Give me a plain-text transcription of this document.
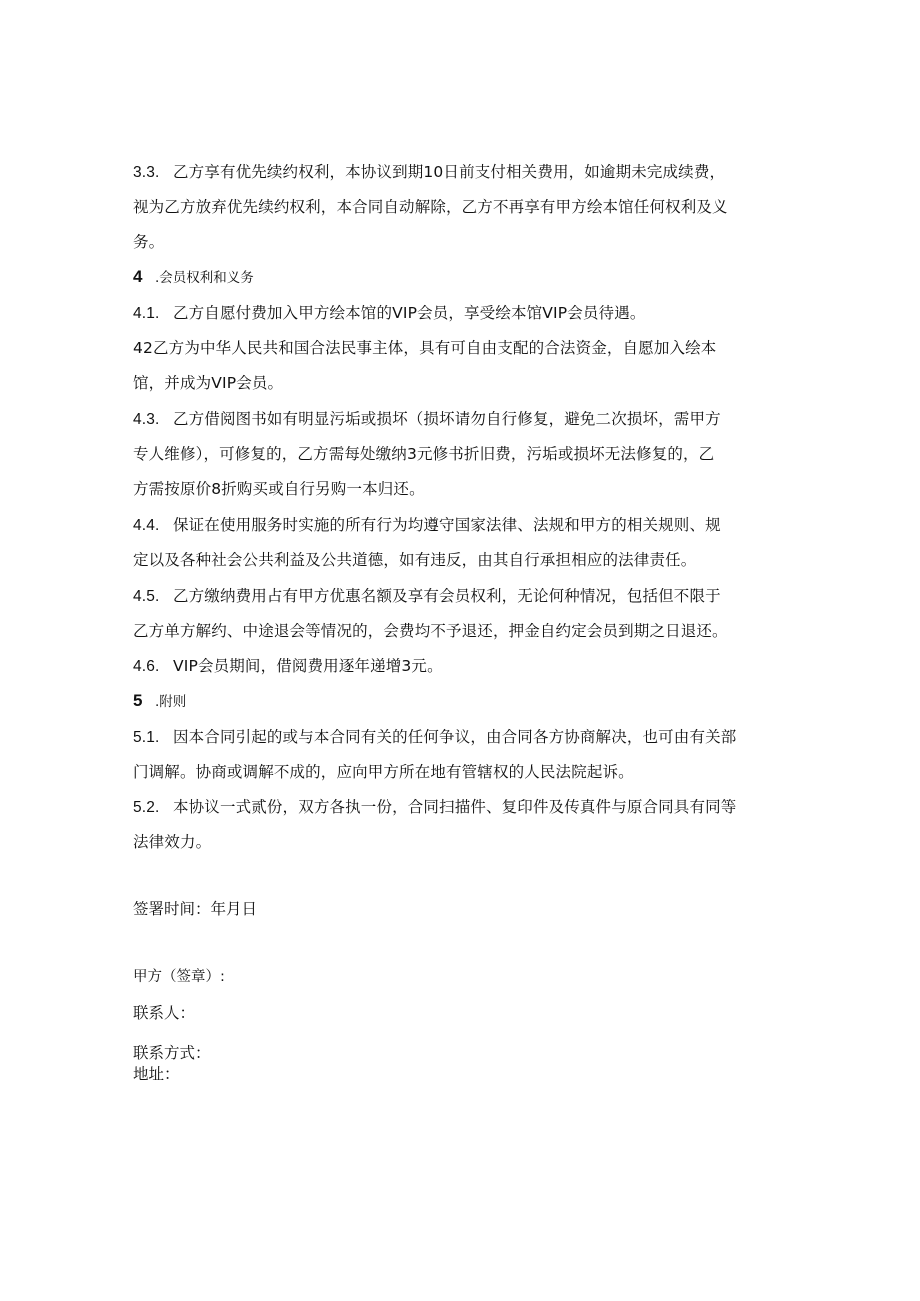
3.3. 乙方享有优先续约权利，本协议到期10日前支付相关费用，如逾期未完成续费，
视为乙方放弃优先续约权利，本合同自动解除，乙方不再享有甲方绘本馆任何权利及义
务。
4 .会员权利和义务
4.1. 乙方自愿付费加入甲方绘本馆的VIP会员，享受绘本馆VIP会员待遇。
42乙方为中华人民共和国合法民事主体，具有可自由支配的合法资金，自愿加入绘本
馆，并成为VIP会员。
4.3. 乙方借阅图书如有明显污垢或损坏（损坏请勿自行修复，避免二次损坏，需甲方
专人维修），可修复的，乙方需每处缴纳3元修书折旧费，污垢或损坏无法修复的，乙
方需按原价8折购买或自行另购一本归还。
4.4. 保证在使用服务时实施的所有行为均遵守国家法律、法规和甲方的相关规则、规
定以及各种社会公共利益及公共道德，如有违反，由其自行承担相应的法律责任。
4.5. 乙方缴纳费用占有甲方优惠名额及享有会员权利，无论何种情况，包括但不限于
乙方单方解约、中途退会等情况的，会费均不予退还，押金自约定会员到期之日退还。
4.6. VIP会员期间，借阅费用逐年递增3元。
5 .附则
5.1. 因本合同引起的或与本合同有关的任何争议，由合同各方协商解决，也可由有关部
门调解。协商或调解不成的，应向甲方所在地有管辖权的人民法院起诉。
5.2. 本协议一式贰份，双方各执一份，合同扫描件、复印件及传真件与原合同具有同等
法律效力。
签署时间：年月日
甲方（签章）:
联系人：
联系方式：
地址：
